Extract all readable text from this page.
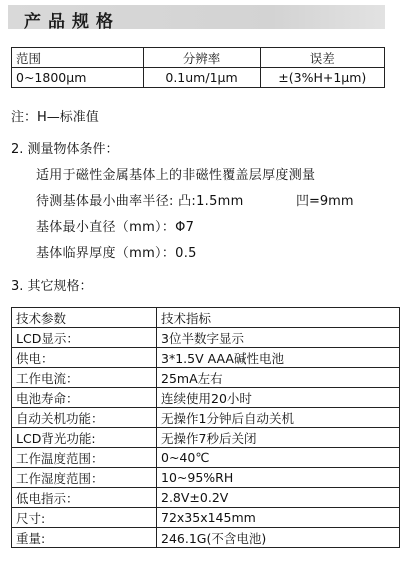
产品规格
范围	分辨率	误差
0~1800μm	0.1um/1μm	±(3%H+1μm)
注：H—标准值
2. 测量物体条件：
适用于磁性金属基体上的非磁性覆盖层厚度测量
待测基体最小曲率半径: 凸:1.5mm	凹=9mm
基体最小直径（mm）：Φ7
基体临界厚度（mm）：0.5
3. 其它规格：
技术参数	技术指标
LCD显示：	3位半数字显示
供电：	3*1.5V AAA碱性电池
工作电流：	25mA左右
电池寿命：	连续使用20小时
自动关机功能：	无操作1分钟后自动关机
LCD背光功能:	无操作7秒后关闭
工作温度范围：	0~40℃
工作湿度范围：	10~95%RH
低电指示：	2.8V±0.2V
尺寸:	72x35x145mm
重量:	246.1G(不含电池)
